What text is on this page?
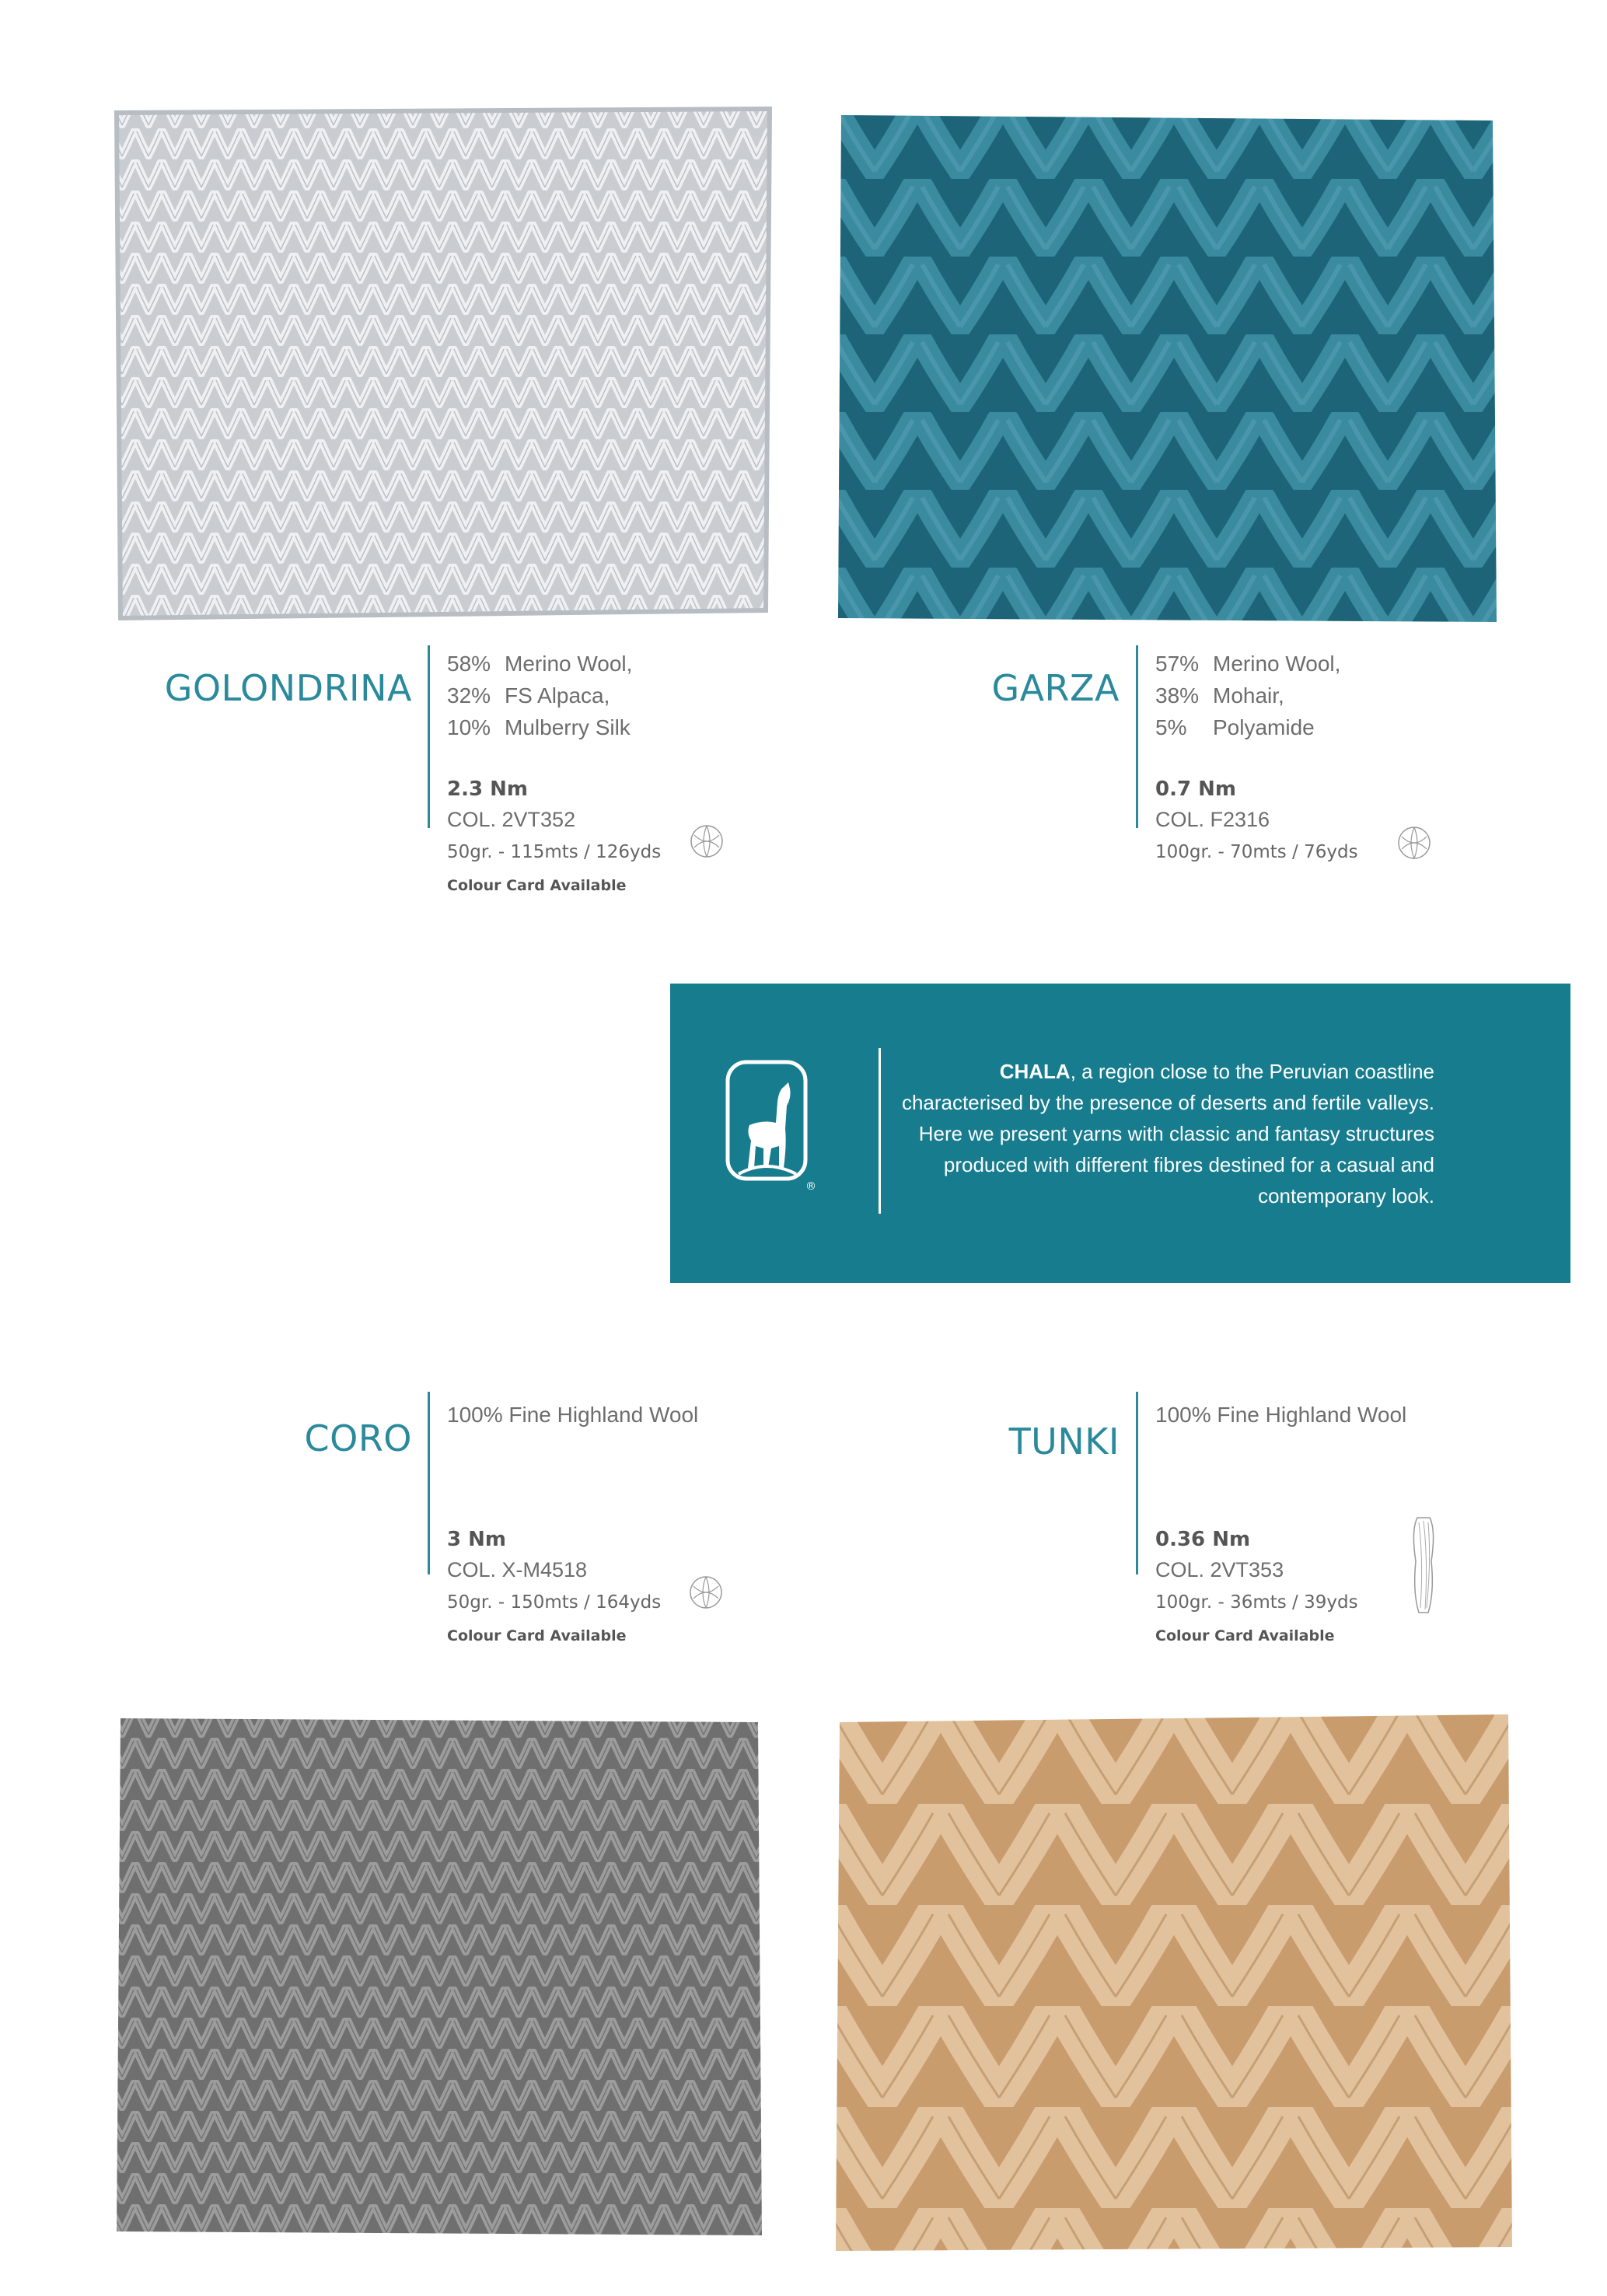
GOLONDRINA
58% Merino Wool,
32% FS Alpaca,
10% Mulberry Silk
2.3 Nm
COL. 2VT352
50gr. - 115mts / 126yds
Colour Card Available
GARZA
57% Merino Wool,
38% Mohair,
5%	Polyamide
0.7 Nm
COL. F2316
100gr. - 70mts / 76yds
®
CHALA, a region close to the Peruvian coastline characterised by the presence of deserts and fertile valleys. Here we present yarns with classic and fantasy structures produced with different fibres destined for a casual and contemporany look.
CORO
100%
Fine Highland Wool
3 Nm
COL. X-M4518
50gr. - 150mts / 164yds
Colour Card Available
TUNKI
100%
Fine Highland Wool
0.36 Nm
COL. 2VT353
100gr. - 36mts / 39yds
Colour Card Available
